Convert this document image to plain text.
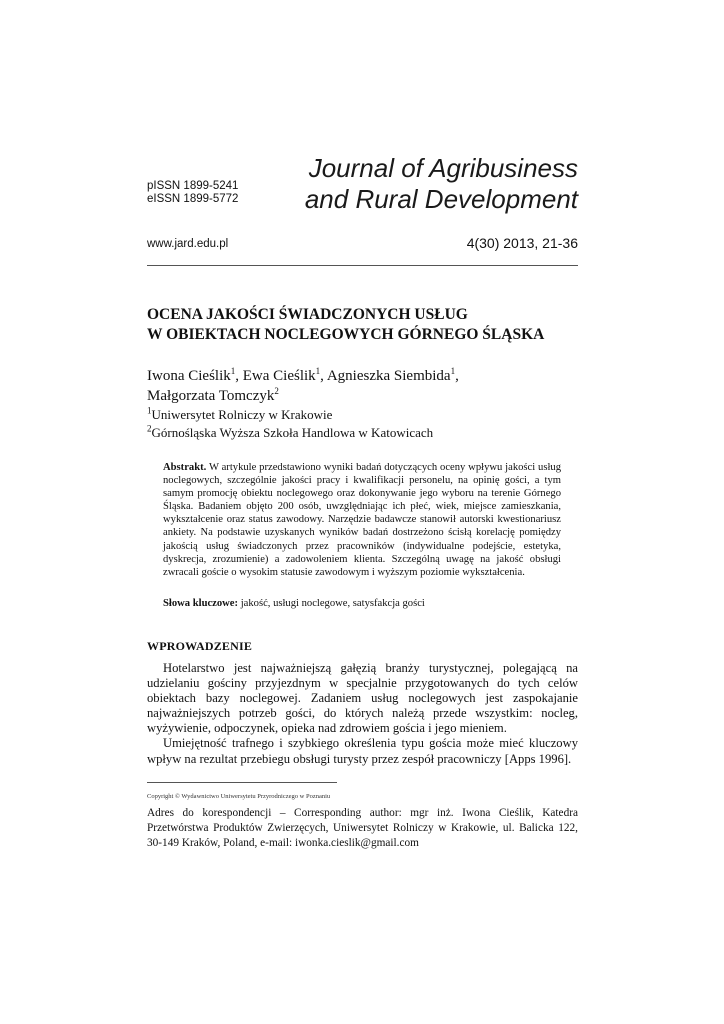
pISSN 1899-5241
eISSN 1899-5772
Journal of Agribusiness
and Rural Development
www.jard.edu.pl	4(30) 2013, 21-36
OCENA JAKOŚCI ŚWIADCZONYCH USŁUG
W OBIEKTACH NOCLEGOWYCH GÓRNEGO ŚLĄSKA
Iwona Cieślik$^1$, Ewa Cieślik$^1$, Agnieszka Siembida$^1$,
Małgorzata Tomczyk$^2$
$^1$Uniwersytet Rolniczy w Krakowie
$^2$Górnośląska Wyższa Szkoła Handlowa w Katowicach
Abstrakt. W artykule przedstawiono wyniki badań dotyczących oceny wpływu jakości usług noclegowych, szczególnie jakości pracy i kwalifikacji personelu, na opinię gości, a tym samym promocję obiektu noclegowego oraz dokonywanie jego wyboru na terenie Górnego Śląska. Badaniem objęto 200 osób, uwzględniając ich płeć, wiek, miejsce zamieszkania, wykształcenie oraz status zawodowy. Narzędzie badawcze stanowił autorski kwestionariusz ankiety. Na podstawie uzyskanych wyników badań dostrzeżono ścisłą korelację pomiędzy jakością usług świadczonych przez pracowników (indywidualne podejście, estetyka, dyskrecja, zrozumienie) a zadowoleniem klienta. Szczególną uwagę na jakość obsługi zwracali goście o wysokim statusie zawodowym i wyższym poziomie wykształcenia.
Słowa kluczowe: jakość, usługi noclegowe, satysfakcja gości
WPROWADZENIE

Hotelarstwo jest najważniejszą gałęzią branży turystycznej, polegającą na udzielaniu gościny przyjezdnym w specjalnie przygotowanych do tych celów obiektach bazy noclegowej. Zadaniem usług noclegowych jest zaspokajanie najważniejszych potrzeb gości, do których należą przede wszystkim: nocleg, wyżywienie, odpoczynek, opieka nad zdrowiem gościa i jego mieniem.

Umiejętność trafnego i szybkiego określenia typu gościa może mieć kluczowy wpływ na rezultat przebiegu obsługi turysty przez zespół pracowniczy [Apps 1996].

Copyright © Wydawnictwo Uniwersytetu Przyrodniczego w Poznaniu
Adres do korespondencji – Corresponding author: mgr inż. Iwona Cieślik, Katedra Przetwórstwa Produktów Zwierzęcych, Uniwersytet Rolniczy w Krakowie, ul. Balicka 122, 30-149 Kraków, Poland, e-mail: iwonka.cieslik@gmail.com
